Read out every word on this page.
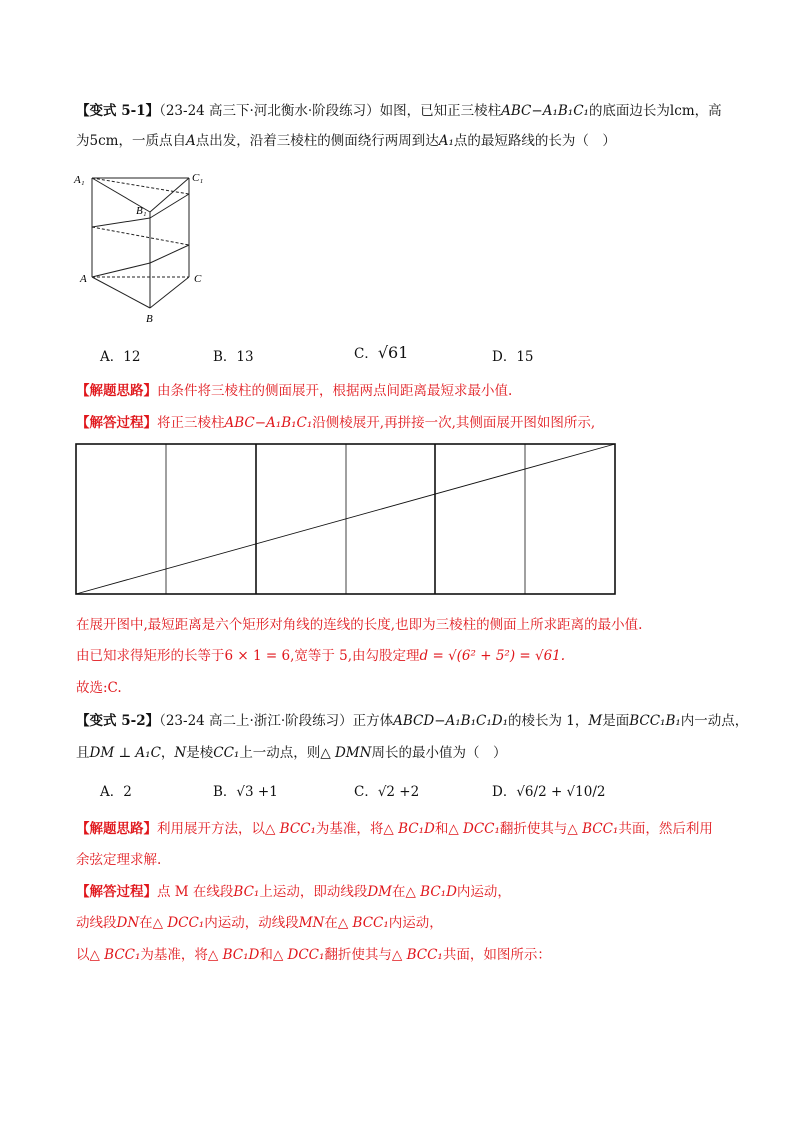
【变式 5-1】（23-24 高三下·河北衡水·阶段练习）如图，已知正三棱柱ABC−A₁B₁C₁的底面边长为lcm，高
为5cm，一质点自A点出发，沿着三棱柱的侧面绕行两周到达A₁点的最短路线的长为（　）
A₁	C₁
B₁
A	C
B
A．12	B．13	C．√61	D．15
【解题思路】由条件将三棱柱的侧面展开，根据两点间距离最短求最小值.
【解答过程】将正三棱柱ABC−A₁B₁C₁沿侧棱展开,再拼接一次,其侧面展开图如图所示,
在展开图中,最短距离是六个矩形对角线的连线的长度,也即为三棱柱的侧面上所求距离的最小值.
由已知求得矩形的长等于6 × 1 = 6,宽等于 5,由勾股定理d = √(6² + 5²) = √61.
故选:C.
【变式 5-2】（23-24 高二上·浙江·阶段练习）正方体ABCD−A₁B₁C₁D₁的棱长为 1，M是面BCC₁B₁内一动点，
且DM ⊥ A₁C，N是棱CC₁上一动点，则△ DMN周长的最小值为（　）
A．2	B．√3 +1	C．√2 +2	D．√6/2 + √10/2
【解题思路】利用展开方法，以△ BCC₁为基准，将△ BC₁D和△ DCC₁翻折使其与△ BCC₁共面，然后利用
余弦定理求解.
【解答过程】点 M 在线段BC₁上运动，即动线段DM在△ BC₁D内运动，
动线段DN在△ DCC₁内运动，动线段MN在△ BCC₁内运动，
以△ BCC₁为基准，将△ BC₁D和△ DCC₁翻折使其与△ BCC₁共面，如图所示：
